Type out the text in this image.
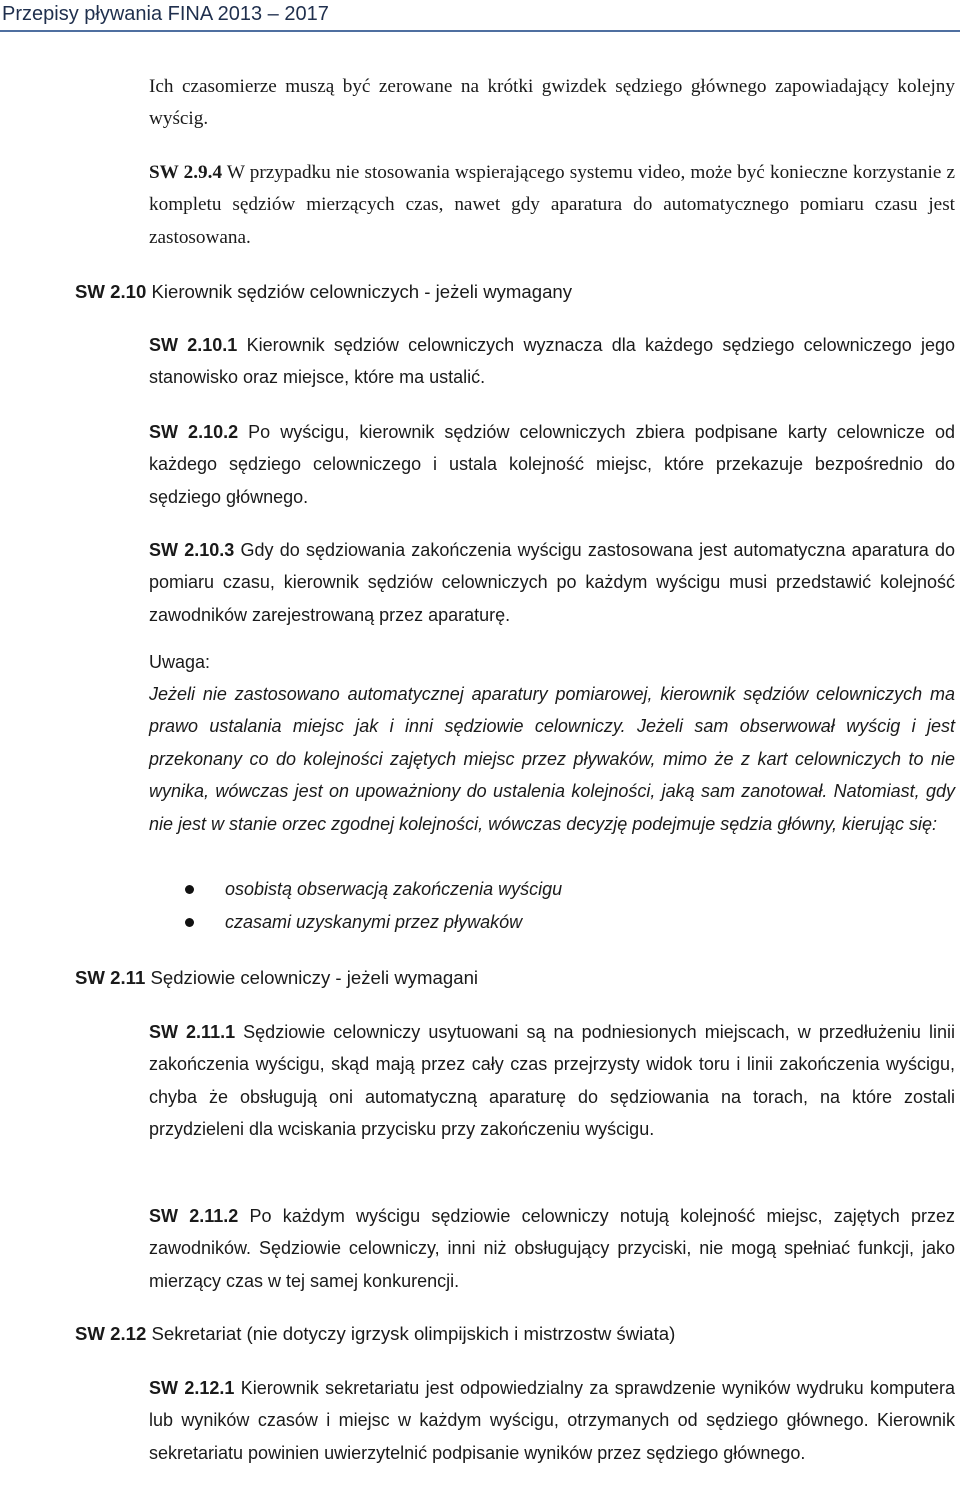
Przepisy pływania FINA 2013 – 2017

Ich czasomierze muszą być zerowane na krótki gwizdek sędziego głównego zapowiadający kolejny wyścig.

SW 2.9.4 W przypadku nie stosowania wspierającego systemu video, może być konieczne korzystanie z kompletu sędziów mierzących czas, nawet gdy aparatura do automatycznego pomiaru czasu jest zastosowana.

SW 2.10 Kierownik sędziów celowniczych - jeżeli wymagany

SW 2.10.1 Kierownik sędziów celowniczych wyznacza dla każdego sędziego celowniczego jego stanowisko oraz miejsce, które ma ustalić.

SW 2.10.2 Po wyścigu, kierownik sędziów celowniczych zbiera podpisane karty celownicze od każdego sędziego celowniczego i ustala kolejność miejsc, które przekazuje bezpośrednio do sędziego głównego.

SW 2.10.3 Gdy do sędziowania zakończenia wyścigu zastosowana jest automatyczna aparatura do pomiaru czasu, kierownik sędziów celowniczych po każdym wyścigu musi przedstawić kolejność zawodników zarejestrowaną przez aparaturę.

Uwaga:

Jeżeli nie zastosowano automatycznej aparatury pomiarowej, kierownik sędziów celowniczych ma prawo ustalania miejsc jak i inni sędziowie celowniczy. Jeżeli sam obserwował wyścig i jest przekonany co do kolejności zajętych miejsc przez pływaków, mimo że z kart celowniczych to nie wynika, wówczas jest on upoważniony do ustalenia kolejności, jaką sam zanotował. Natomiast, gdy nie jest w stanie orzec zgodnej kolejności, wówczas decyzję podejmuje sędzia główny, kierując się:

osobistą obserwacją zakończenia wyścigu
czasami uzyskanymi przez pływaków

SW 2.11 Sędziowie celowniczy - jeżeli wymagani

SW 2.11.1 Sędziowie celowniczy usytuowani są na podniesionych miejscach, w przedłużeniu linii zakończenia wyścigu, skąd mają przez cały czas przejrzysty widok toru i linii zakończenia wyścigu, chyba że obsługują oni automatyczną aparaturę do sędziowania na torach, na które zostali przydzieleni dla wciskania przycisku przy zakończeniu wyścigu.

SW 2.11.2 Po każdym wyścigu sędziowie celowniczy notują kolejność miejsc, zajętych przez zawodników. Sędziowie celowniczy, inni niż obsługujący przyciski, nie mogą spełniać funkcji, jako mierzący czas w tej samej konkurencji.

SW 2.12 Sekretariat (nie dotyczy igrzysk olimpijskich i mistrzostw świata)

SW 2.12.1 Kierownik sekretariatu jest odpowiedzialny za sprawdzenie wyników wydruku komputera lub wyników czasów i miejsc w każdym wyścigu, otrzymanych od sędziego głównego. Kierownik sekretariatu powinien uwierzytelnić podpisanie wyników przez sędziego głównego.
